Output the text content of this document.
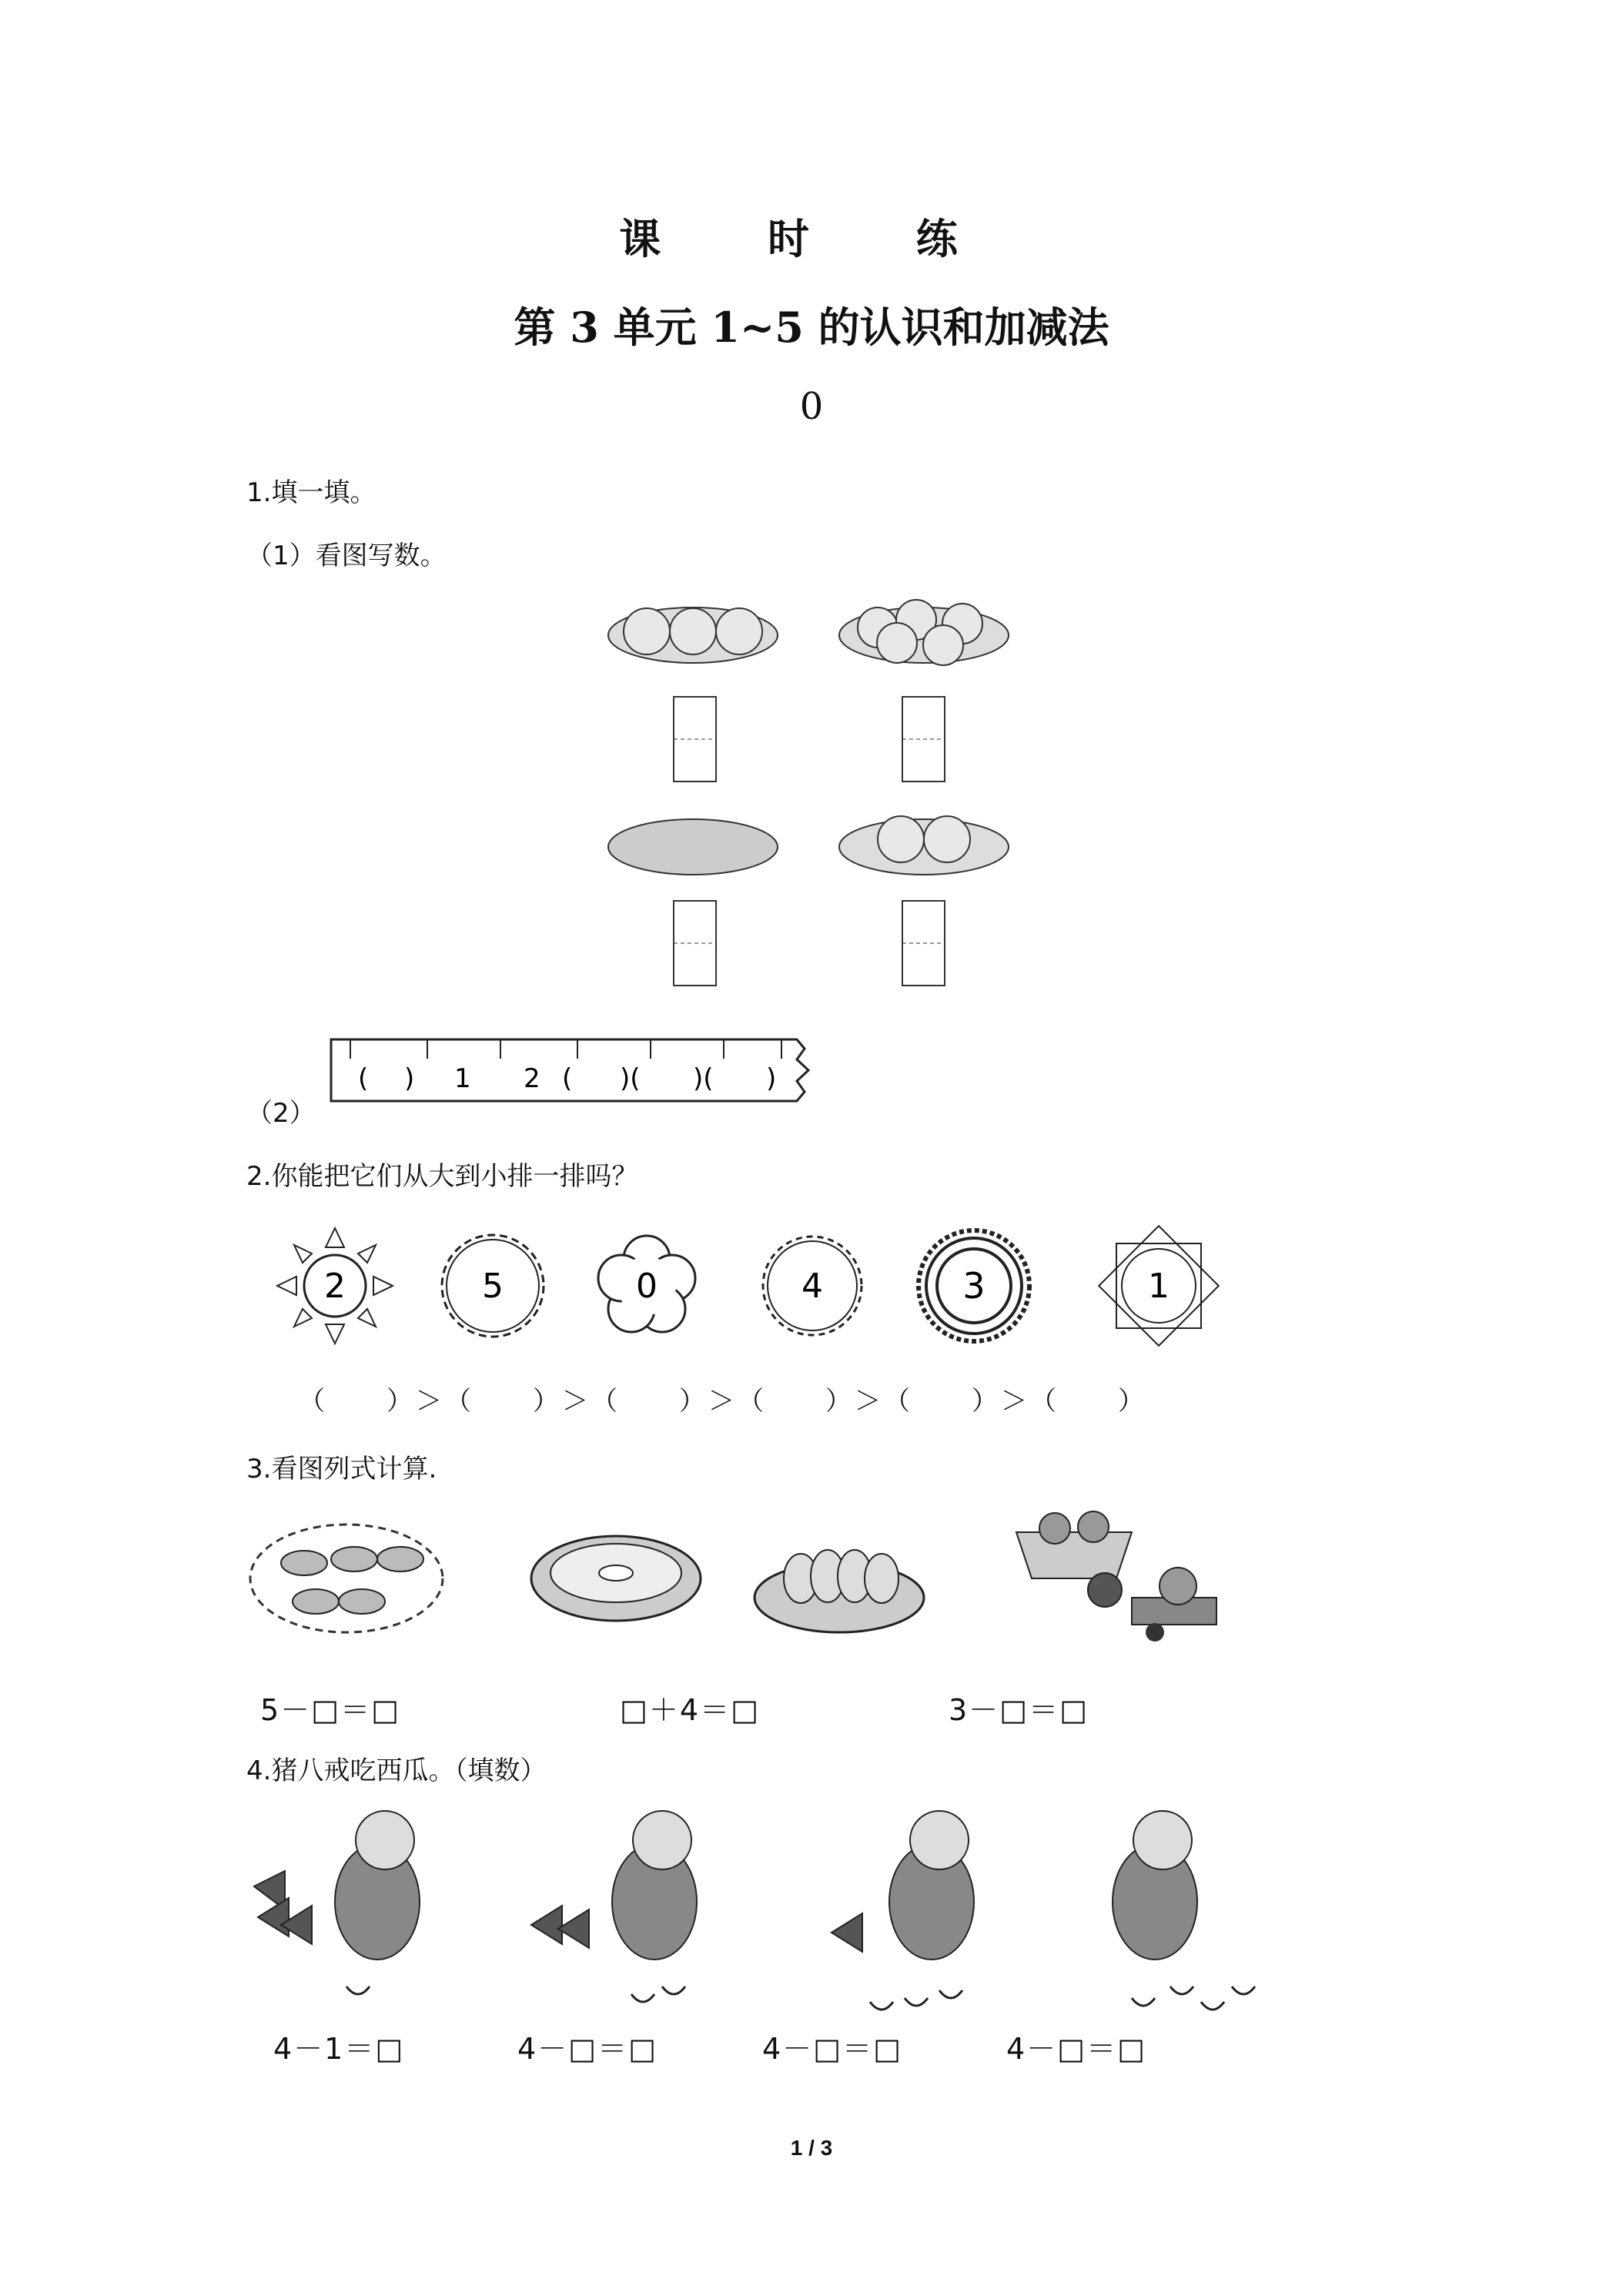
课 时 练
第 3 单元 1~5 的认识和加减法
0
1.填一填。
（1）看图写数。
（2）
( ) 1 2 ( )( )( )
2.你能把它们从大到小排一排吗？
2	5	0	4	3	1
（　　）＞（　　）＞（　　）＞（　　）＞（　　）＞（　　）
3.看图列式计算.
5－□＝□	□＋4＝□	3－□＝□
4.猪八戒吃西瓜。（填数）
4－1＝□	4－□＝□	4－□＝□	4－□＝□
1 / 3
